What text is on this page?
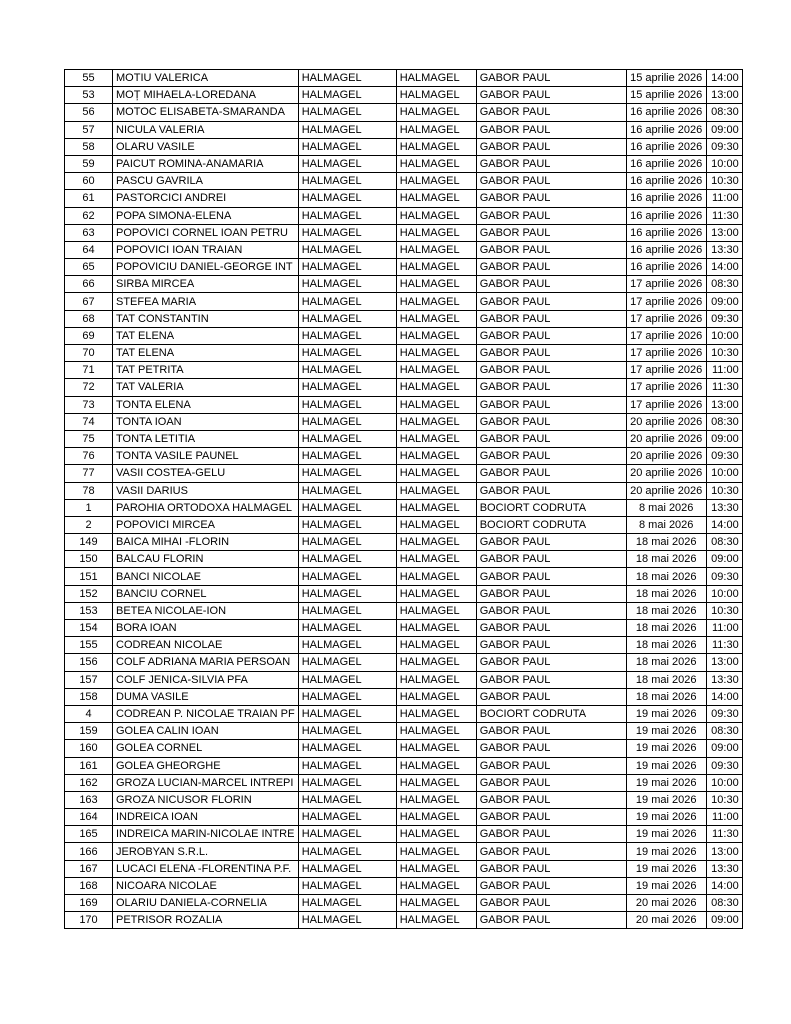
55	MOTIU VALERICA	HALMAGEL	HALMAGEL	GABOR PAUL	15 aprilie 2026	14:00
53	MOȚ MIHAELA-LOREDANA	HALMAGEL	HALMAGEL	GABOR PAUL	15 aprilie 2026	13:00
56	MOTOC ELISABETA-SMARANDA	HALMAGEL	HALMAGEL	GABOR PAUL	16 aprilie 2026	08:30
57	NICULA VALERIA	HALMAGEL	HALMAGEL	GABOR PAUL	16 aprilie 2026	09:00
58	OLARU VASILE	HALMAGEL	HALMAGEL	GABOR PAUL	16 aprilie 2026	09:30
59	PAICUT ROMINA-ANAMARIA	HALMAGEL	HALMAGEL	GABOR PAUL	16 aprilie 2026	10:00
60	PASCU GAVRILA	HALMAGEL	HALMAGEL	GABOR PAUL	16 aprilie 2026	10:30
61	PASTORCICI ANDREI	HALMAGEL	HALMAGEL	GABOR PAUL	16 aprilie 2026	11:00
62	POPA SIMONA-ELENA	HALMAGEL	HALMAGEL	GABOR PAUL	16 aprilie 2026	11:30
63	POPOVICI CORNEL IOAN PETRU	HALMAGEL	HALMAGEL	GABOR PAUL	16 aprilie 2026	13:00
64	POPOVICI IOAN TRAIAN	HALMAGEL	HALMAGEL	GABOR PAUL	16 aprilie 2026	13:30
65	POPOVICIU DANIEL-GEORGE INT	HALMAGEL	HALMAGEL	GABOR PAUL	16 aprilie 2026	14:00
66	SIRBA MIRCEA	HALMAGEL	HALMAGEL	GABOR PAUL	17 aprilie 2026	08:30
67	STEFEA MARIA	HALMAGEL	HALMAGEL	GABOR PAUL	17 aprilie 2026	09:00
68	TAT CONSTANTIN	HALMAGEL	HALMAGEL	GABOR PAUL	17 aprilie 2026	09:30
69	TAT ELENA	HALMAGEL	HALMAGEL	GABOR PAUL	17 aprilie 2026	10:00
70	TAT ELENA	HALMAGEL	HALMAGEL	GABOR PAUL	17 aprilie 2026	10:30
71	TAT PETRITA	HALMAGEL	HALMAGEL	GABOR PAUL	17 aprilie 2026	11:00
72	TAT VALERIA	HALMAGEL	HALMAGEL	GABOR PAUL	17 aprilie 2026	11:30
73	TONTA ELENA	HALMAGEL	HALMAGEL	GABOR PAUL	17 aprilie 2026	13:00
74	TONTA IOAN	HALMAGEL	HALMAGEL	GABOR PAUL	20 aprilie 2026	08:30
75	TONTA LETITIA	HALMAGEL	HALMAGEL	GABOR PAUL	20 aprilie 2026	09:00
76	TONTA VASILE PAUNEL	HALMAGEL	HALMAGEL	GABOR PAUL	20 aprilie 2026	09:30
77	VASII COSTEA-GELU	HALMAGEL	HALMAGEL	GABOR PAUL	20 aprilie 2026	10:00
78	VASII DARIUS	HALMAGEL	HALMAGEL	GABOR PAUL	20 aprilie 2026	10:30
1	PAROHIA ORTODOXA HALMAGEL	HALMAGEL	HALMAGEL	BOCIORT CODRUTA	8 mai 2026	13:30
2	POPOVICI MIRCEA	HALMAGEL	HALMAGEL	BOCIORT CODRUTA	8 mai 2026	14:00
149	BAICA MIHAI -FLORIN	HALMAGEL	HALMAGEL	GABOR PAUL	18 mai 2026	08:30
150	BALCAU FLORIN	HALMAGEL	HALMAGEL	GABOR PAUL	18 mai 2026	09:00
151	BANCI NICOLAE	HALMAGEL	HALMAGEL	GABOR PAUL	18 mai 2026	09:30
152	BANCIU CORNEL	HALMAGEL	HALMAGEL	GABOR PAUL	18 mai 2026	10:00
153	BETEA NICOLAE-ION	HALMAGEL	HALMAGEL	GABOR PAUL	18 mai 2026	10:30
154	BORA IOAN	HALMAGEL	HALMAGEL	GABOR PAUL	18 mai 2026	11:00
155	CODREAN NICOLAE	HALMAGEL	HALMAGEL	GABOR PAUL	18 mai 2026	11:30
156	COLF ADRIANA MARIA PERSOAN	HALMAGEL	HALMAGEL	GABOR PAUL	18 mai 2026	13:00
157	COLF JENICA-SILVIA PFA	HALMAGEL	HALMAGEL	GABOR PAUL	18 mai 2026	13:30
158	DUMA VASILE	HALMAGEL	HALMAGEL	GABOR PAUL	18 mai 2026	14:00
4	CODREAN P. NICOLAE TRAIAN PF	HALMAGEL	HALMAGEL	BOCIORT CODRUTA	19 mai 2026	09:30
159	GOLEA CALIN IOAN	HALMAGEL	HALMAGEL	GABOR PAUL	19 mai 2026	08:30
160	GOLEA CORNEL	HALMAGEL	HALMAGEL	GABOR PAUL	19 mai 2026	09:00
161	GOLEA GHEORGHE	HALMAGEL	HALMAGEL	GABOR PAUL	19 mai 2026	09:30
162	GROZA LUCIAN-MARCEL INTREPI	HALMAGEL	HALMAGEL	GABOR PAUL	19 mai 2026	10:00
163	GROZA NICUSOR FLORIN	HALMAGEL	HALMAGEL	GABOR PAUL	19 mai 2026	10:30
164	INDREICA IOAN	HALMAGEL	HALMAGEL	GABOR PAUL	19 mai 2026	11:00
165	INDREICA MARIN-NICOLAE INTRE	HALMAGEL	HALMAGEL	GABOR PAUL	19 mai 2026	11:30
166	JEROBYAN S.R.L.	HALMAGEL	HALMAGEL	GABOR PAUL	19 mai 2026	13:00
167	LUCACI ELENA -FLORENTINA P.F.	HALMAGEL	HALMAGEL	GABOR PAUL	19 mai 2026	13:30
168	NICOARA NICOLAE	HALMAGEL	HALMAGEL	GABOR PAUL	19 mai 2026	14:00
169	OLARIU DANIELA-CORNELIA	HALMAGEL	HALMAGEL	GABOR PAUL	20 mai 2026	08:30
170	PETRISOR ROZALIA	HALMAGEL	HALMAGEL	GABOR PAUL	20 mai 2026	09:00
